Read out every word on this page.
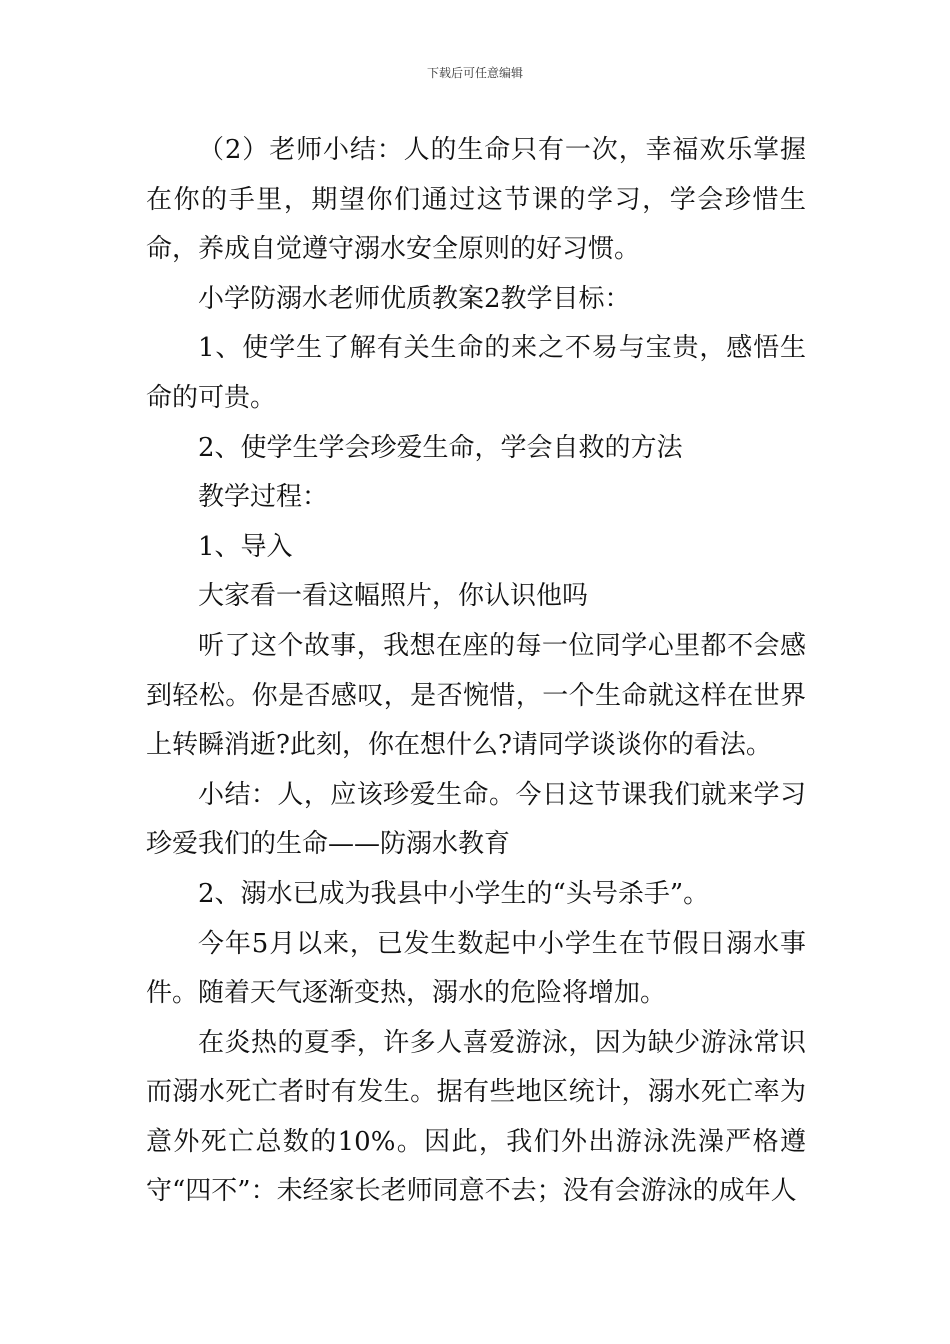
下载后可任意编辑

（2）老师小结：人的生命只有一次，幸福欢乐掌握在你的手里，期望你们通过这节课的学习，学会珍惜生命，养成自觉遵守溺水安全原则的好习惯。

小学防溺水老师优质教案2教学目标：

1、使学生了解有关生命的来之不易与宝贵，感悟生命的可贵。

2、使学生学会珍爱生命，学会自救的方法

教学过程：

1、导入

大家看一看这幅照片，你认识他吗

听了这个故事，我想在座的每一位同学心里都不会感到轻松。你是否感叹，是否惋惜，一个生命就这样在世界上转瞬消逝?此刻，你在想什么?请同学谈谈你的看法。

小结：人，应该珍爱生命。今日这节课我们就来学习珍爱我们的生命——防溺水教育

2、溺水已成为我县中小学生的“头号杀手”。

今年5月以来，已发生数起中小学生在节假日溺水事件。随着天气逐渐变热，溺水的危险将增加。

在炎热的夏季，许多人喜爱游泳，因为缺少游泳常识而溺水死亡者时有发生。据有些地区统计，溺水死亡率为意外死亡总数的10%。因此，我们外出游泳洗澡严格遵守“四不”：未经家长老师同意不去；没有会游泳的成年人
